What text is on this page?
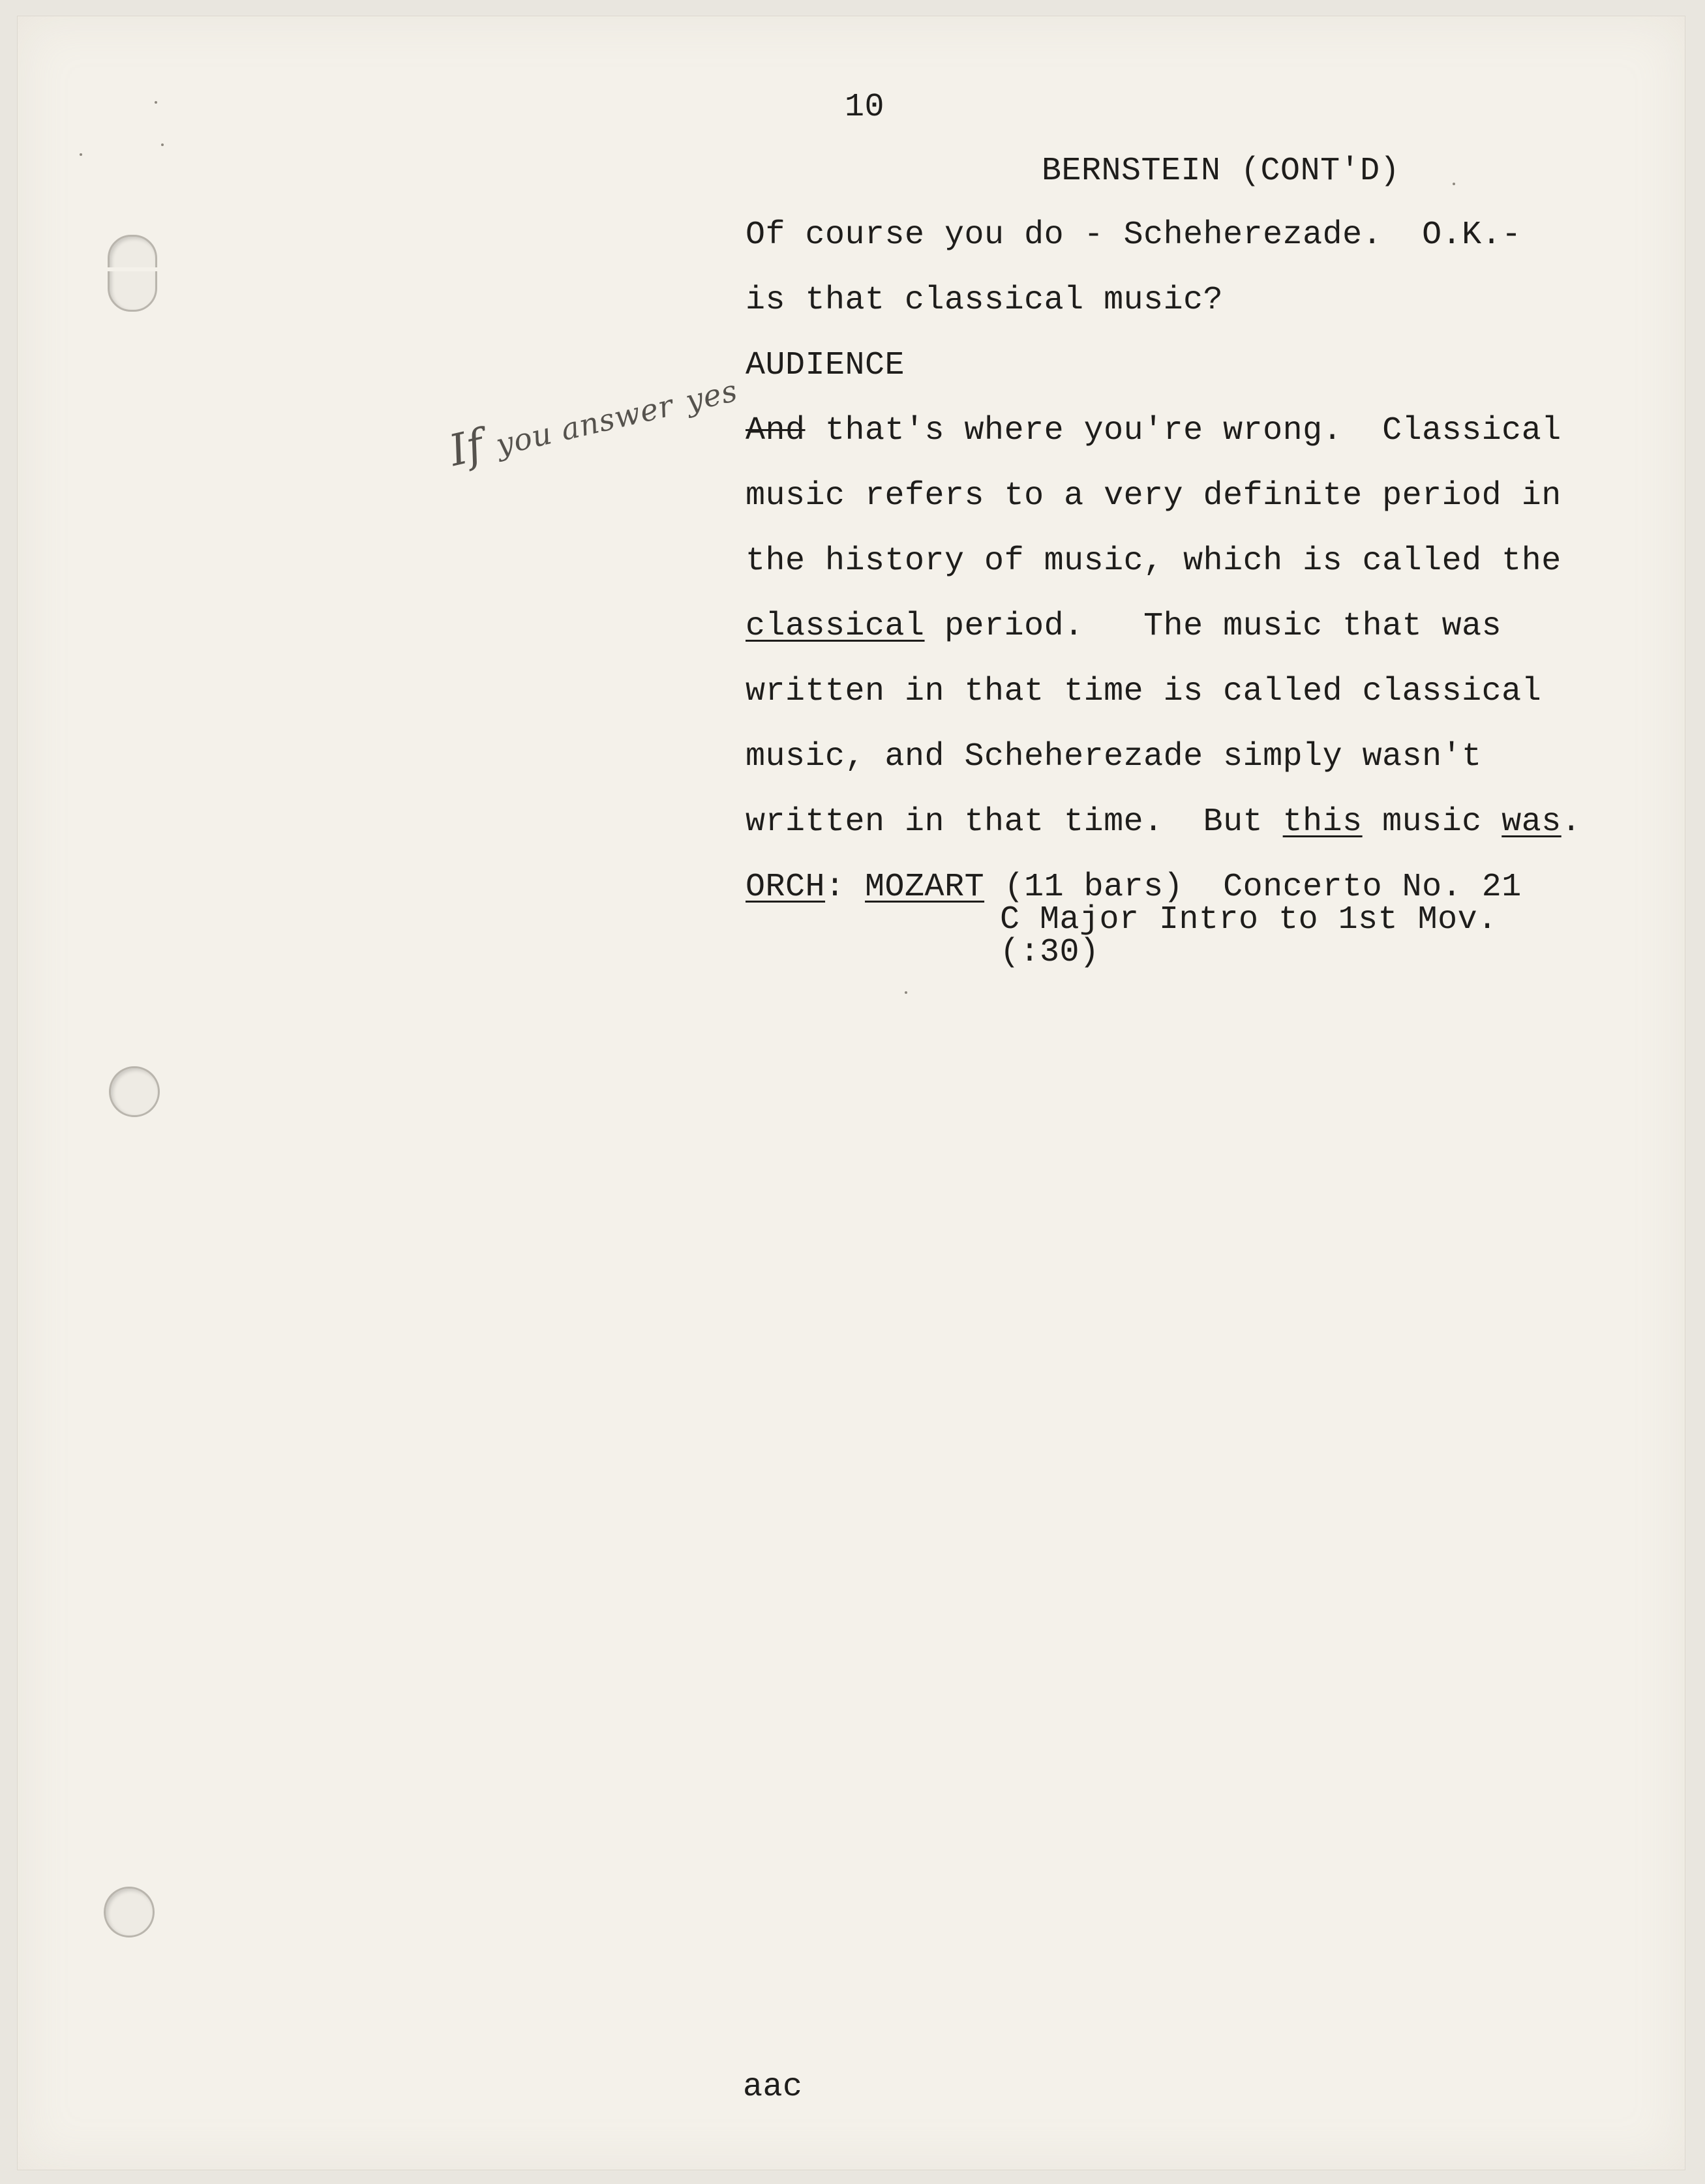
10
BERNSTEIN (CONT'D)
Of course you do - Scheherezade.  O.K.-
is that classical music?
AUDIENCE
And that's where you're wrong.  Classical
music refers to a very definite period in
the history of music, which is called the
classical period.   The music that was
written in that time is called classical
music, and Scheherezade simply wasn't
written in that time.  But this music was.
ORCH: MOZART (11 bars)  Concerto No. 21
C Major Intro to 1st Mov.
(:30)
If you answer yes
aac
